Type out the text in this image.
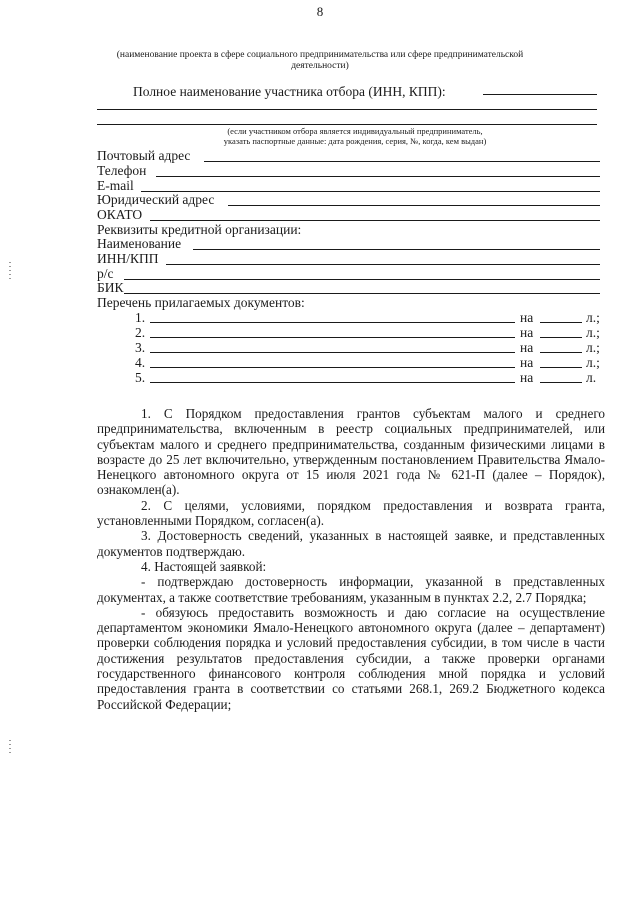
8
(наименование проекта в сфере социального предпринимательства или сфере предпринимательской деятельности)
Полное наименование участника отбора (ИНН, КПП):
(если участником отбора является индивидуальный предприниматель,
указать паспортные данные: дата рождения, серия, №, когда, кем выдан)
Почтовый адрес
Телефон
E-mail
Юридический адрес
ОКАТО
Реквизиты кредитной организации:
Наименование
ИНН/КПП
р/с
БИК
Перечень прилагаемых документов:
1.	на	л.;
2.	на	л.;
3.	на	л.;
4.	на	л.;
5.	на	л.

1. С Порядком предоставления грантов субъектам малого и среднего предпринимательства, включенным в реестр социальных предпринимателей, или субъектам малого и среднего предпринимательства, созданным физическими лицами в возрасте до 25 лет включительно, утвержденным постановлением Правительства Ямало-Ненецкого автономного округа от 15 июля 2021 года № 621-П (далее – Порядок), ознакомлен(а).

2. С целями, условиями, порядком предоставления и возврата гранта, установленными Порядком, согласен(а).

3. Достоверность сведений, указанных в настоящей заявке, и представленных документов подтверждаю.

4. Настоящей заявкой:

- подтверждаю достоверность информации, указанной в представленных документах, а также соответствие требованиям, указанным в пунктах 2.2, 2.7 Порядка;

- обязуюсь предоставить возможность и даю согласие на осуществление департаментом экономики Ямало-Ненецкого автономного округа (далее – департамент) проверки соблюдения порядка и условий предоставления субсидии, в том числе в части достижения результатов предоставления субсидии, а также проверки органами государственного финансового контроля соблюдения мной порядка и условий предоставления гранта в соответствии со статьями 268.1, 269.2 Бюджетного кодекса Российской Федерации;
